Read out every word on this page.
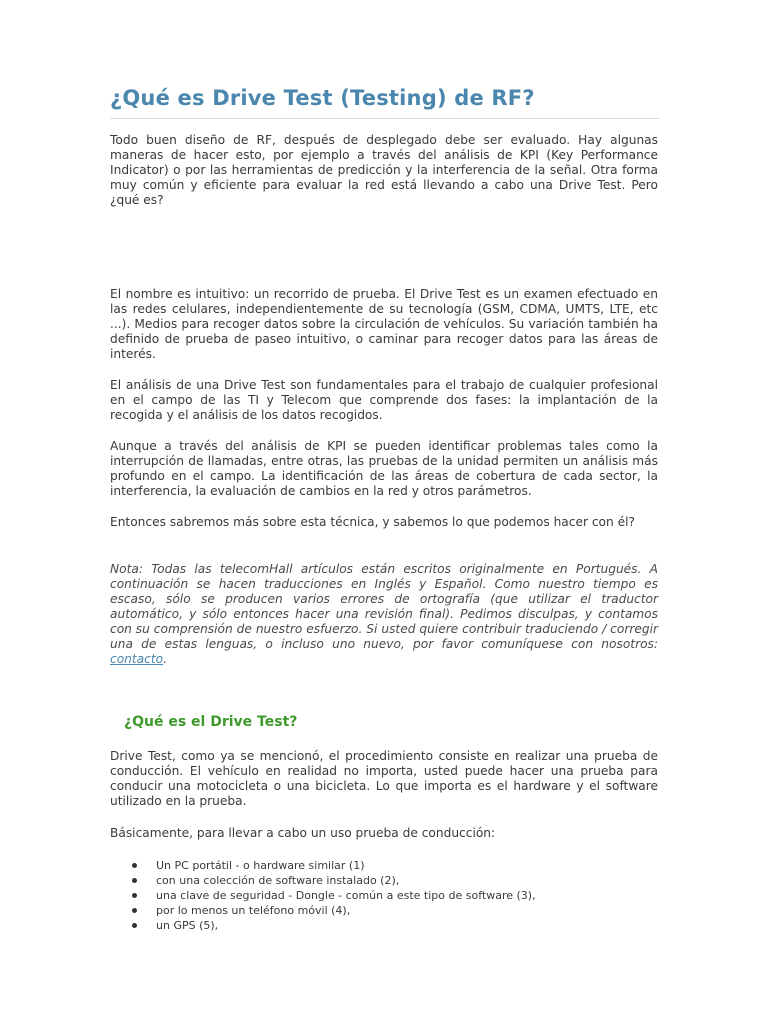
¿Qué es Drive Test (Testing) de RF?

Todo buen diseño de RF, después de desplegado debe ser evaluado. Hay algunas maneras de hacer esto, por ejemplo a través del análisis de KPI (Key Performance Indicator) o por las herramientas de predicción y la interferencia de la señal. Otra forma muy común y eficiente para evaluar la red está llevando a cabo una Drive Test. Pero ¿qué es?

El nombre es intuitivo: un recorrido de prueba. El Drive Test es un examen efectuado en las redes celulares, independientemente de su tecnología (GSM, CDMA, UMTS, LTE, etc ...). Medios para recoger datos sobre la circulación de vehículos. Su variación también ha definido de prueba de paseo intuitivo, o caminar para recoger datos para las áreas de interés.

El análisis de una Drive Test son fundamentales para el trabajo de cualquier profesional en el campo de las TI y Telecom que comprende dos fases: la implantación de la recogida y el análisis de los datos recogidos.

Aunque a través del análisis de KPI se pueden identificar problemas tales como la interrupción de llamadas, entre otras, las pruebas de la unidad permiten un análisis más profundo en el campo. La identificación de las áreas de cobertura de cada sector, la interferencia, la evaluación de cambios en la red y otros parámetros.

Entonces sabremos más sobre esta técnica, y sabemos lo que podemos hacer con él?

Nota: Todas las telecomHall artículos están escritos originalmente en Portugués. A continuación se hacen traducciones en Inglés y Español. Como nuestro tiempo es escaso, sólo se producen varios errores de ortografía (que utilizar el traductor automático, y sólo entonces hacer una revisión final). Pedimos disculpas, y contamos con su comprensión de nuestro esfuerzo. Si usted quiere contribuir traduciendo / corregir una de estas lenguas, o incluso uno nuevo, por favor comuníquese con nosotros: contacto.

¿Qué es el Drive Test?

Drive Test, como ya se mencionó, el procedimiento consiste en realizar una prueba de conducción. El vehículo en realidad no importa, usted puede hacer una prueba para conducir una motocicleta o una bicicleta. Lo que importa es el hardware y el software utilizado en la prueba.

Básicamente, para llevar a cabo un uso prueba de conducción:

Un PC portátil - o hardware similar (1)
con una colección de software instalado (2),
una clave de seguridad - Dongle - común a este tipo de software (3),
por lo menos un teléfono móvil (4),
un GPS (5),
